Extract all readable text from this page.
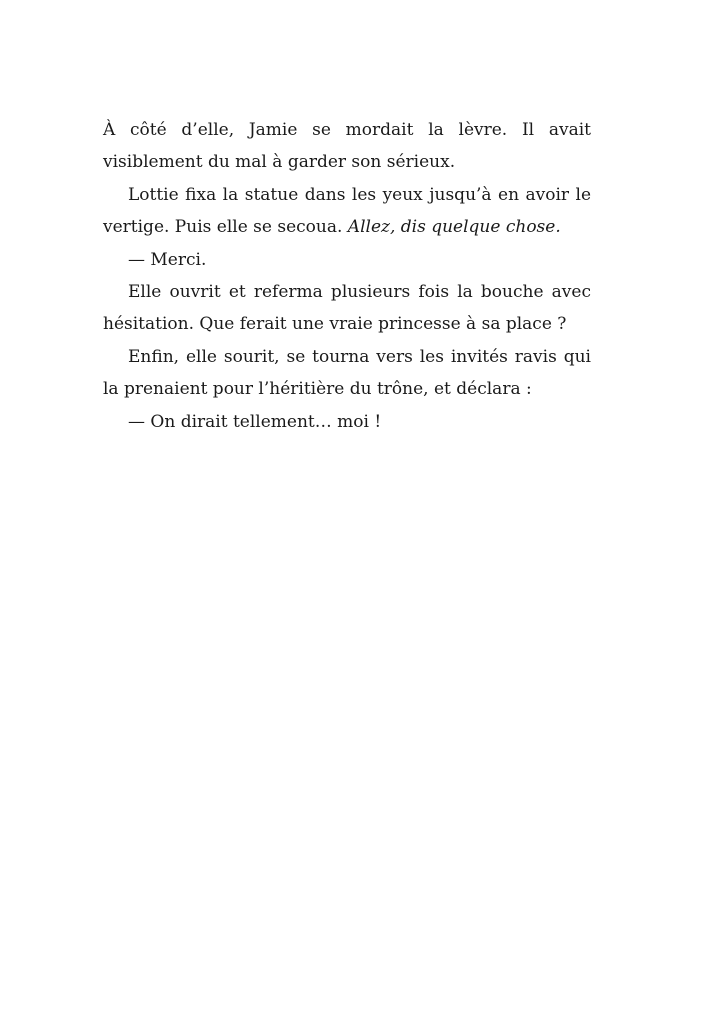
À côté d’elle, Jamie se mordait la lèvre. Il avait visiblement du mal à garder son sérieux.

Lottie fixa la statue dans les yeux jusqu’à en avoir le vertige. Puis elle se secoua. Allez, dis quelque chose.

— Merci.

Elle ouvrit et referma plusieurs fois la bouche avec hésitation. Que ferait une vraie princesse à sa place ?

Enfin, elle sourit, se tourna vers les invités ravis qui la prenaient pour l’héritière du trône, et déclara :

— On dirait tellement… moi !
